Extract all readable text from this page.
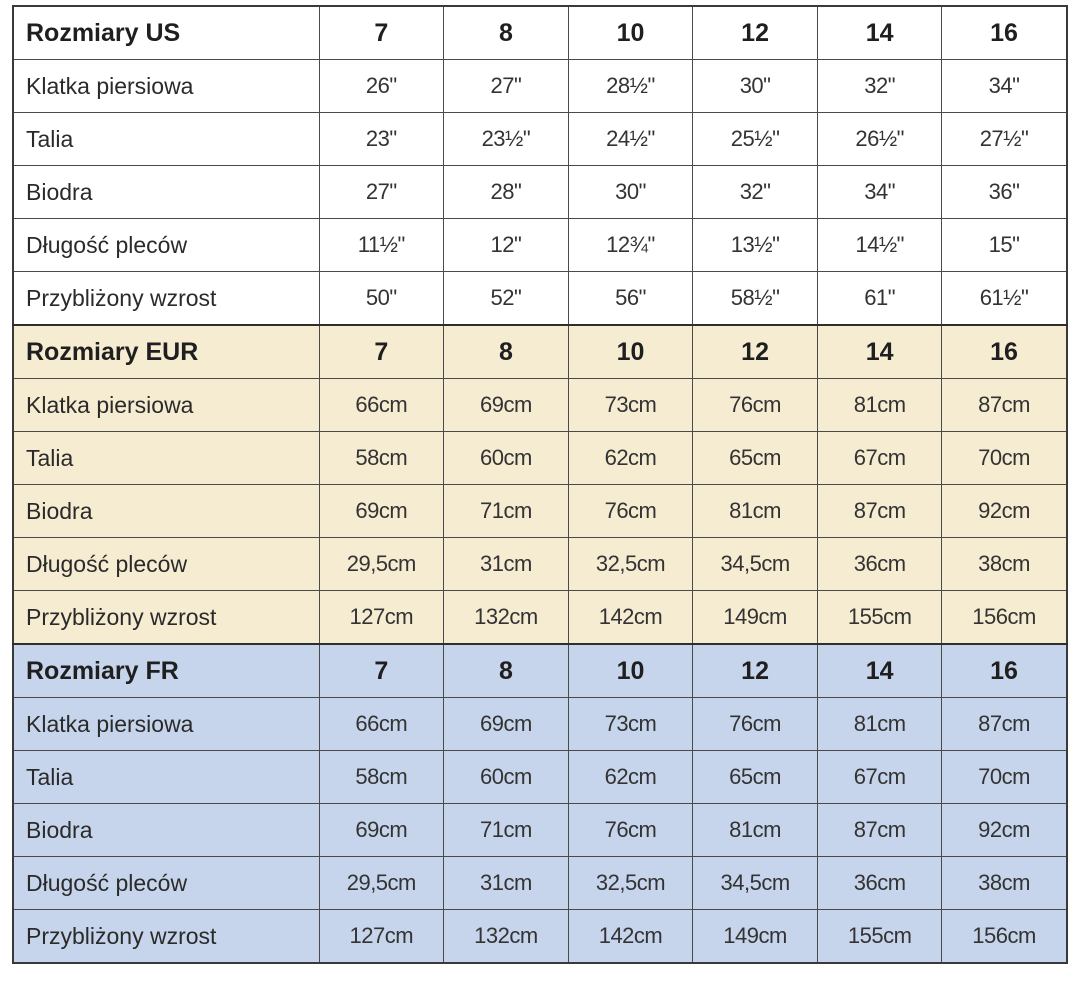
Rozmiary US	7	8	10	12	14	16
Klatka piersiowa	26"	27"	28½"	30"	32"	34"
Talia	23"	23½"	24½"	25½"	26½"	27½"
Biodra	27"	28"	30"	32"	34"	36"
Długość pleców	11½"	12"	12¾"	13½"	14½"	15"
Przybliżony wzrost	50"	52"	56"	58½"	61"	61½"
Rozmiary EUR	7	8	10	12	14	16
Klatka piersiowa	66cm	69cm	73cm	76cm	81cm	87cm
Talia	58cm	60cm	62cm	65cm	67cm	70cm
Biodra	69cm	71cm	76cm	81cm	87cm	92cm
Długość pleców	29,5cm	31cm	32,5cm	34,5cm	36cm	38cm
Przybliżony wzrost	127cm	132cm	142cm	149cm	155cm	156cm
Rozmiary FR	7	8	10	12	14	16
Klatka piersiowa	66cm	69cm	73cm	76cm	81cm	87cm
Talia	58cm	60cm	62cm	65cm	67cm	70cm
Biodra	69cm	71cm	76cm	81cm	87cm	92cm
Długość pleców	29,5cm	31cm	32,5cm	34,5cm	36cm	38cm
Przybliżony wzrost	127cm	132cm	142cm	149cm	155cm	156cm
